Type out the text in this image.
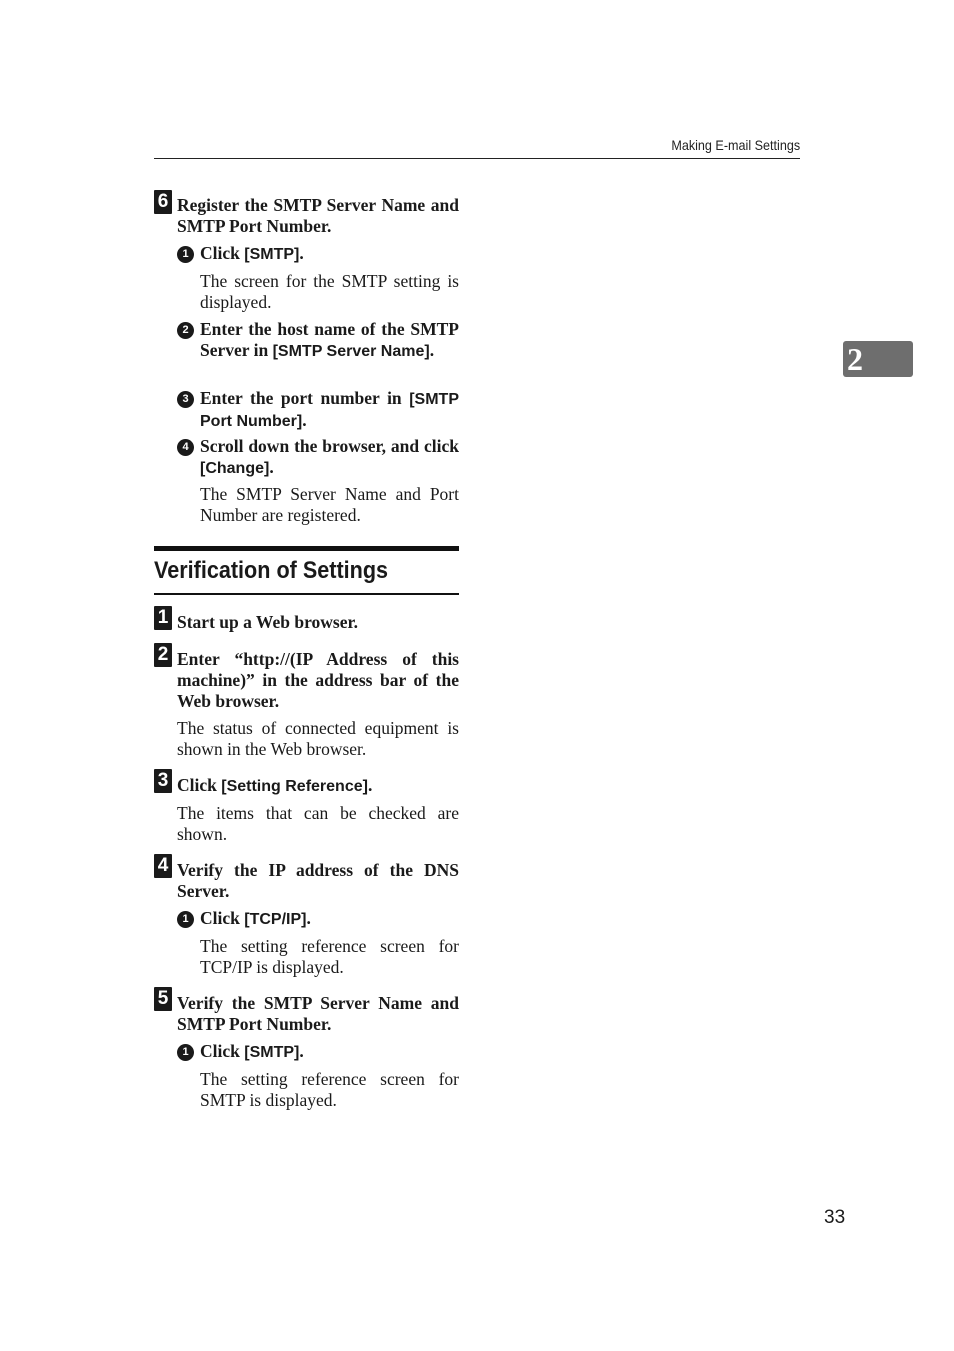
Making E-mail Settings
2
6 Register the SMTP Server Name and SMTP Port Number.
1 Click [SMTP].
The screen for the SMTP setting is displayed.
2 Enter the host name of the SMTP Server in [SMTP Server Name].
3 Enter the port number in [SMTP Port Number].
4 Scroll down the browser, and click [Change].
The SMTP Server Name and Port Number are registered.
Verification of Settings
1 Start up a Web browser.
2 Enter “http://(IP Address of this machine)” in the address bar of the Web browser.
The status of connected equipment is shown in the Web browser.
3 Click [Setting Reference].
The items that can be checked are shown.
4 Verify the IP address of the DNS Server.
1 Click [TCP/IP].
The setting reference screen for TCP/IP is displayed.
5 Verify the SMTP Server Name and SMTP Port Number.
1 Click [SMTP].
The setting reference screen for SMTP is displayed.
33
